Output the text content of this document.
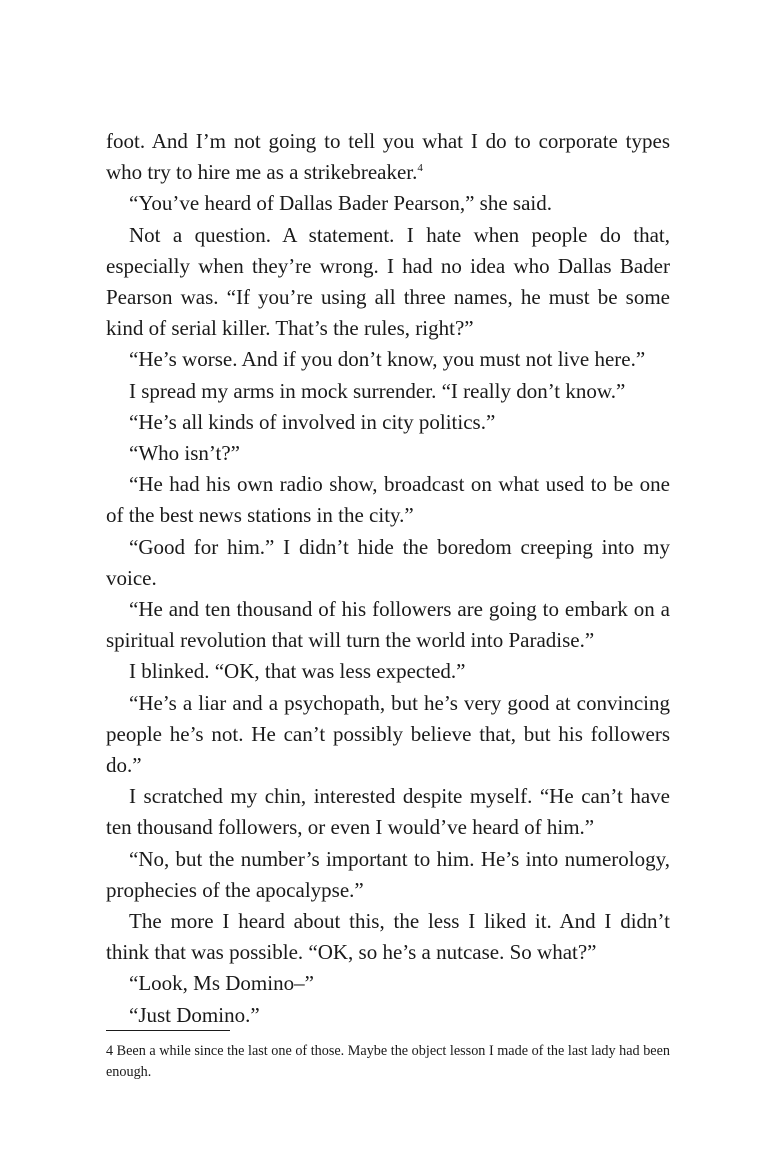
foot. And I’m not going to tell you what I do to corporate types who try to hire me as a strikebreaker.$^4$

“You’ve heard of Dallas Bader Pearson,” she said.

Not a question. A statement. I hate when people do that, especially when they’re wrong. I had no idea who Dallas Bader Pearson was. “If you’re using all three names, he must be some kind of serial killer. That’s the rules, right?”

“He’s worse. And if you don’t know, you must not live here.”

I spread my arms in mock surrender. “I really don’t know.”

“He’s all kinds of involved in city politics.”

“Who isn’t?”

“He had his own radio show, broadcast on what used to be one of the best news stations in the city.”

“Good for him.” I didn’t hide the boredom creeping into my voice.

“He and ten thousand of his followers are going to embark on a spiritual revolution that will turn the world into Paradise.”

I blinked. “OK, that was less expected.”

“He’s a liar and a psychopath, but he’s very good at convincing people he’s not. He can’t possibly believe that, but his followers do.”

I scratched my chin, interested despite myself. “He can’t have ten thousand followers, or even I would’ve heard of him.”

“No, but the number’s important to him. He’s into numerology, prophecies of the apocalypse.”

The more I heard about this, the less I liked it. And I didn’t think that was possible. “OK, so he’s a nutcase. So what?”

“Look, Ms Domino–”

“Just Domino.”

4 Been a while since the last one of those. Maybe the object lesson I made of the last lady had been enough.
